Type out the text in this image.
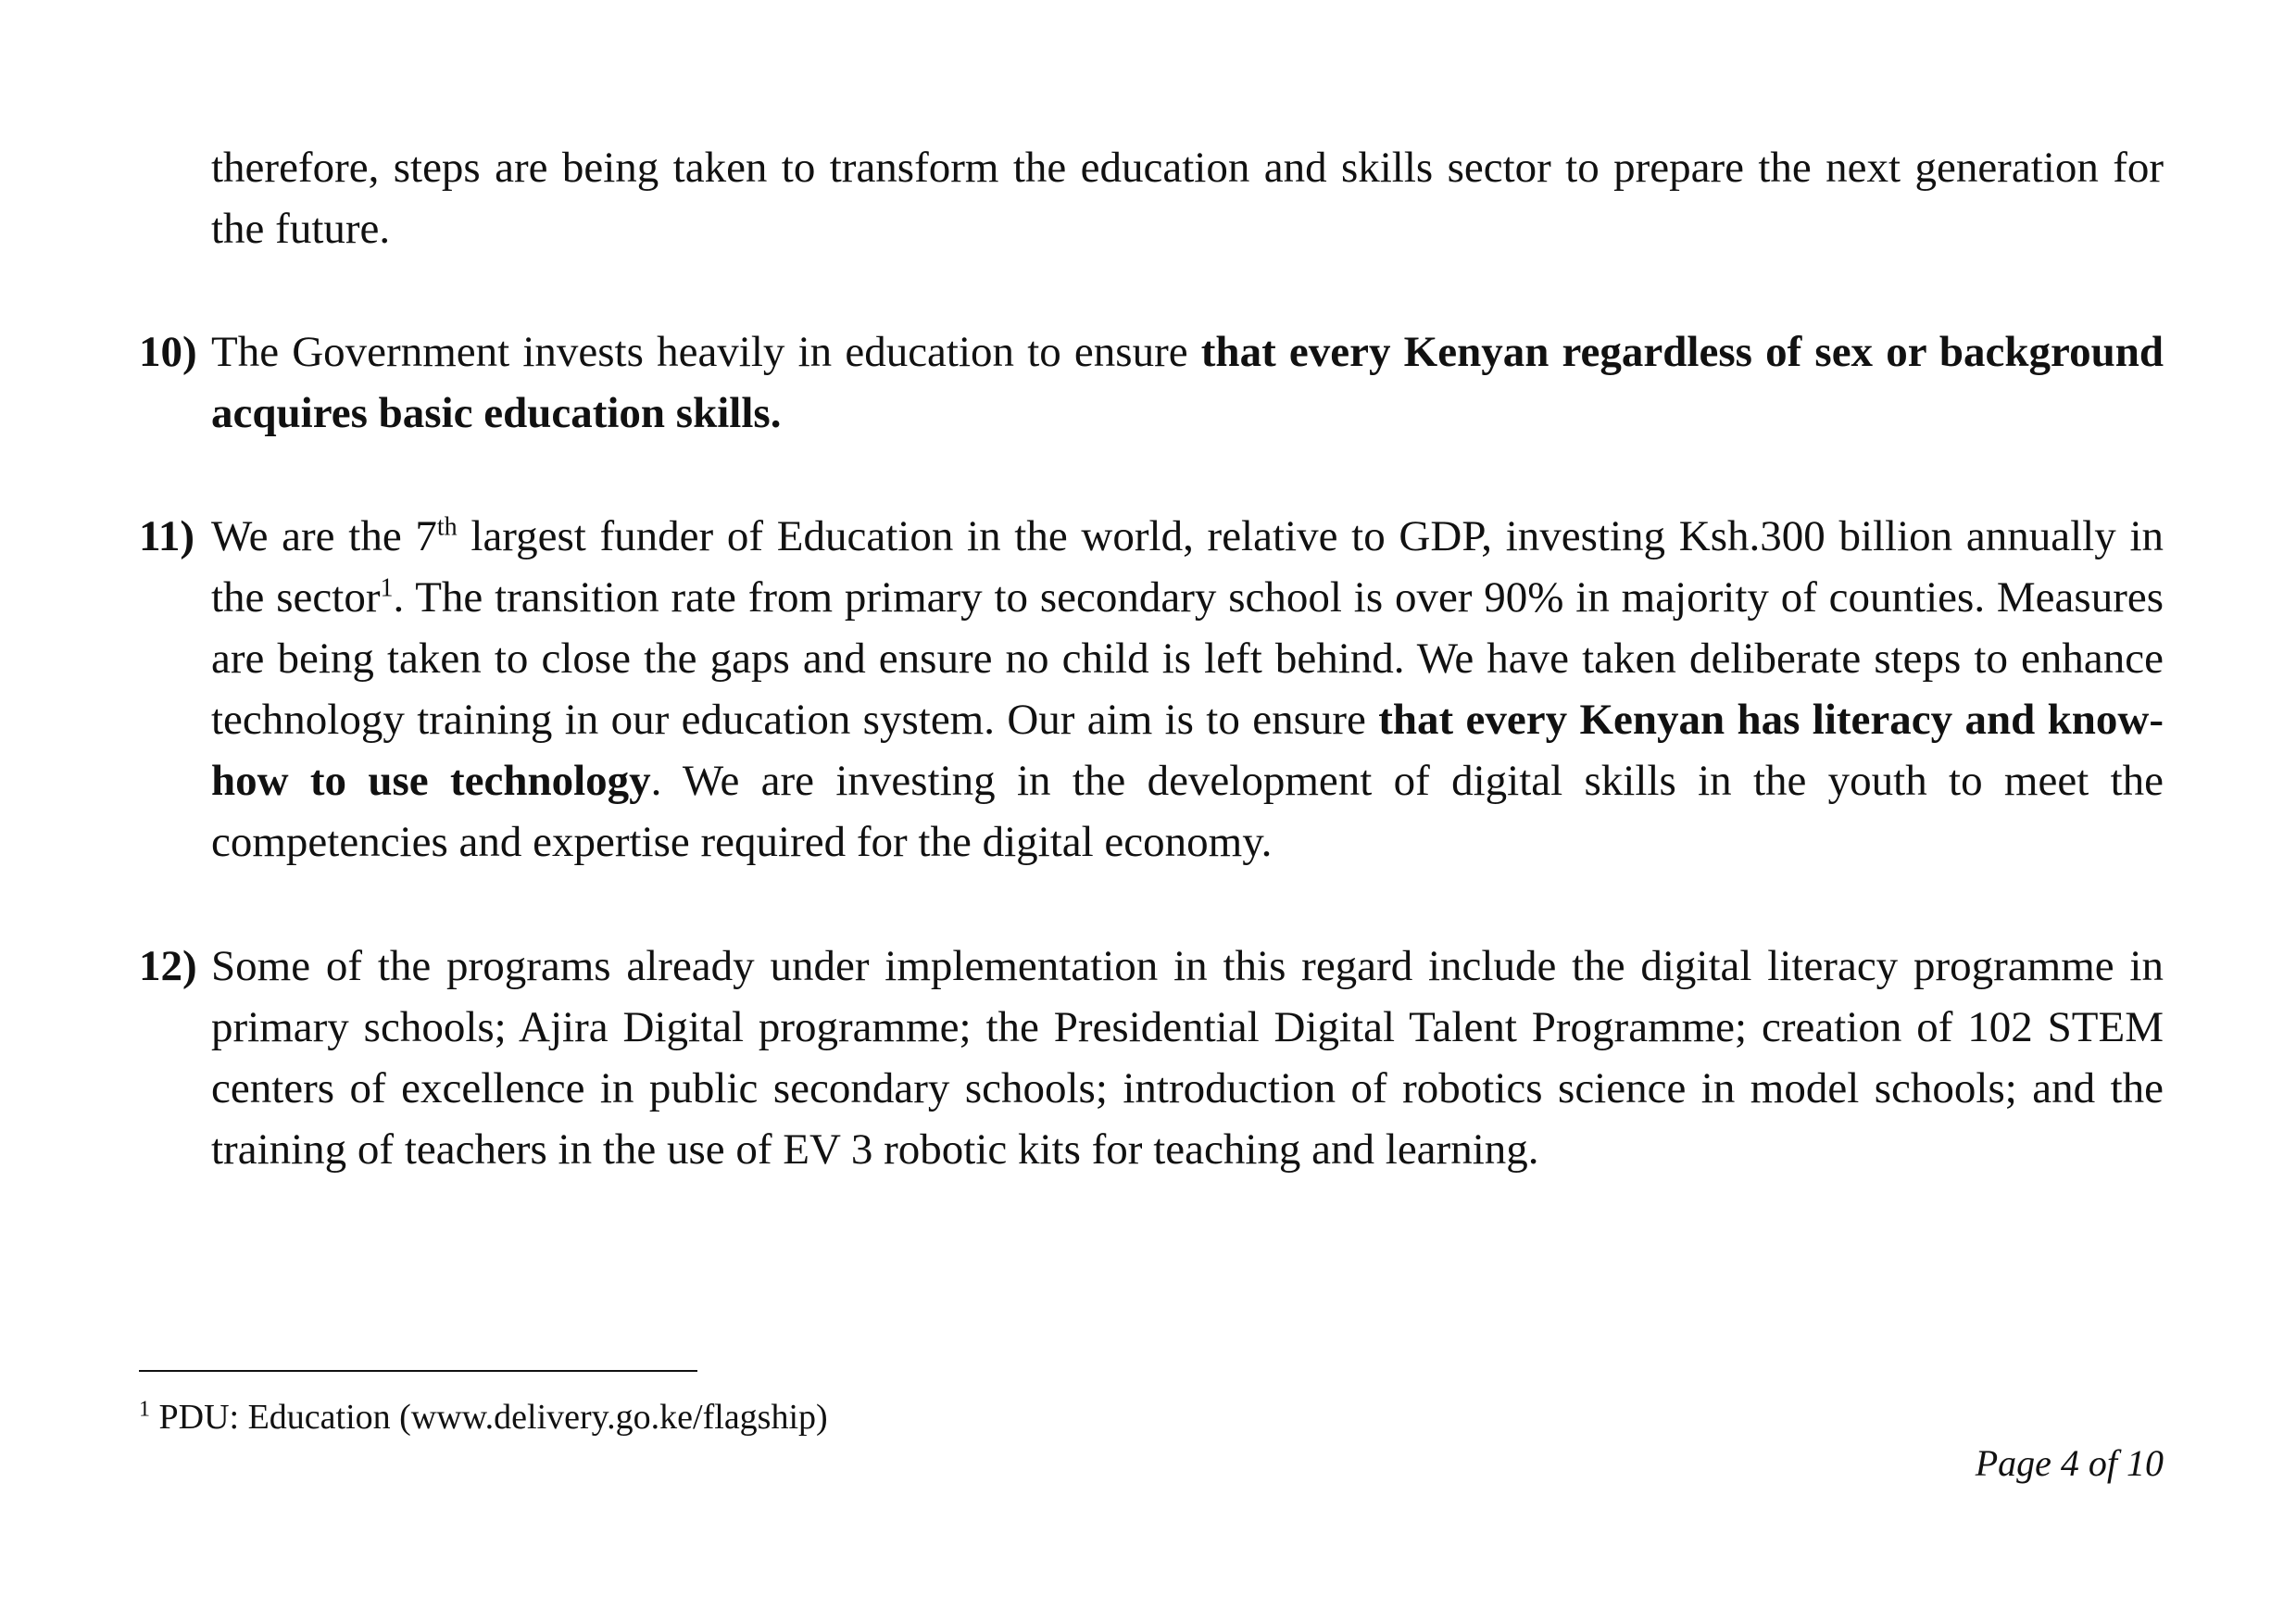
therefore, steps are being taken to transform the education and skills sector to prepare the next generation for the future.

10) The Government invests heavily in education to ensure that every Kenyan regardless of sex or background acquires basic education skills.
11) We are the 7th largest funder of Education in the world, relative to GDP, investing Ksh.300 billion annually in the sector$^1$. The transition rate from primary to secondary school is over 90% in majority of counties. Measures are being taken to close the gaps and ensure no child is left behind. We have taken deliberate steps to enhance technology training in our education system. Our aim is to ensure that every Kenyan has literacy and know-how to use technology. We are investing in the development of digital skills in the youth to meet the competencies and expertise required for the digital economy.
12) Some of the programs already under implementation in this regard include the digital literacy programme in primary schools; Ajira Digital programme; the Presidential Digital Talent Programme; creation of 102 STEM centers of excellence in public secondary schools; introduction of robotics science in model schools; and the training of teachers in the use of EV 3 robotic kits for teaching and learning.
$^1$ PDU: Education (www.delivery.go.ke/flagship)
Page 4 of 10
